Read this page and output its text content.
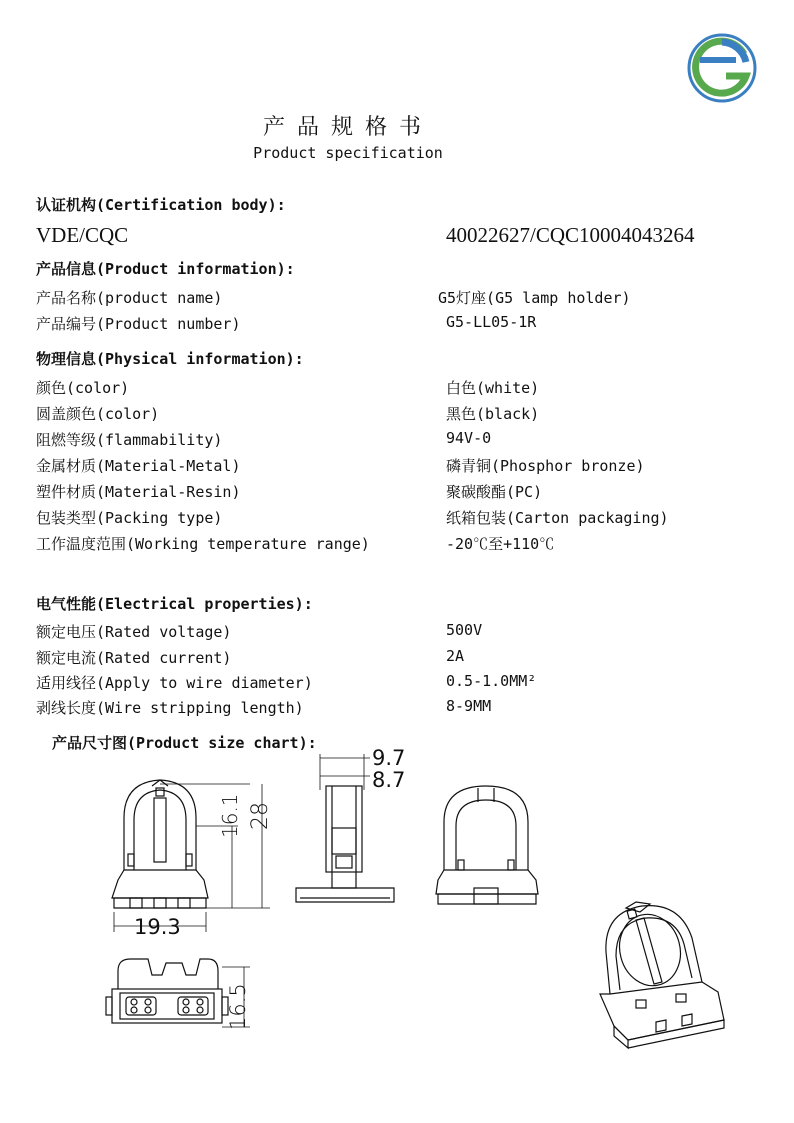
产品规格书
Product specification
认证机构(Certification body):
VDE/CQC	40022627/CQC10004043264
产品信息(Product information):
产品名称(product name)	G5灯座(G5 lamp holder)
产品编号(Product number)	G5-LL05-1R
物理信息(Physical information):
颜色(color)	白色(white)
圆盖颜色(color)	黑色(black)
阻燃等级(flammability)	94V-0
金属材质(Material-Metal)	磷青铜(Phosphor bronze)
塑件材质(Material-Resin)	聚碳酸酯(PC)
包装类型(Packing type)	纸箱包装(Carton packaging)
工作温度范围(Working temperature range)	-20℃至+110℃
电气性能(Electrical properties):
额定电压(Rated voltage)	500V
额定电流(Rated current)	2A
适用线径(Apply to wire diameter)	0.5-1.0MM²
剥线长度(Wire stripping length)	8-9MM
产品尺寸图(Product size chart):
16.1 28
19.3
9.7
8.7
16.5
